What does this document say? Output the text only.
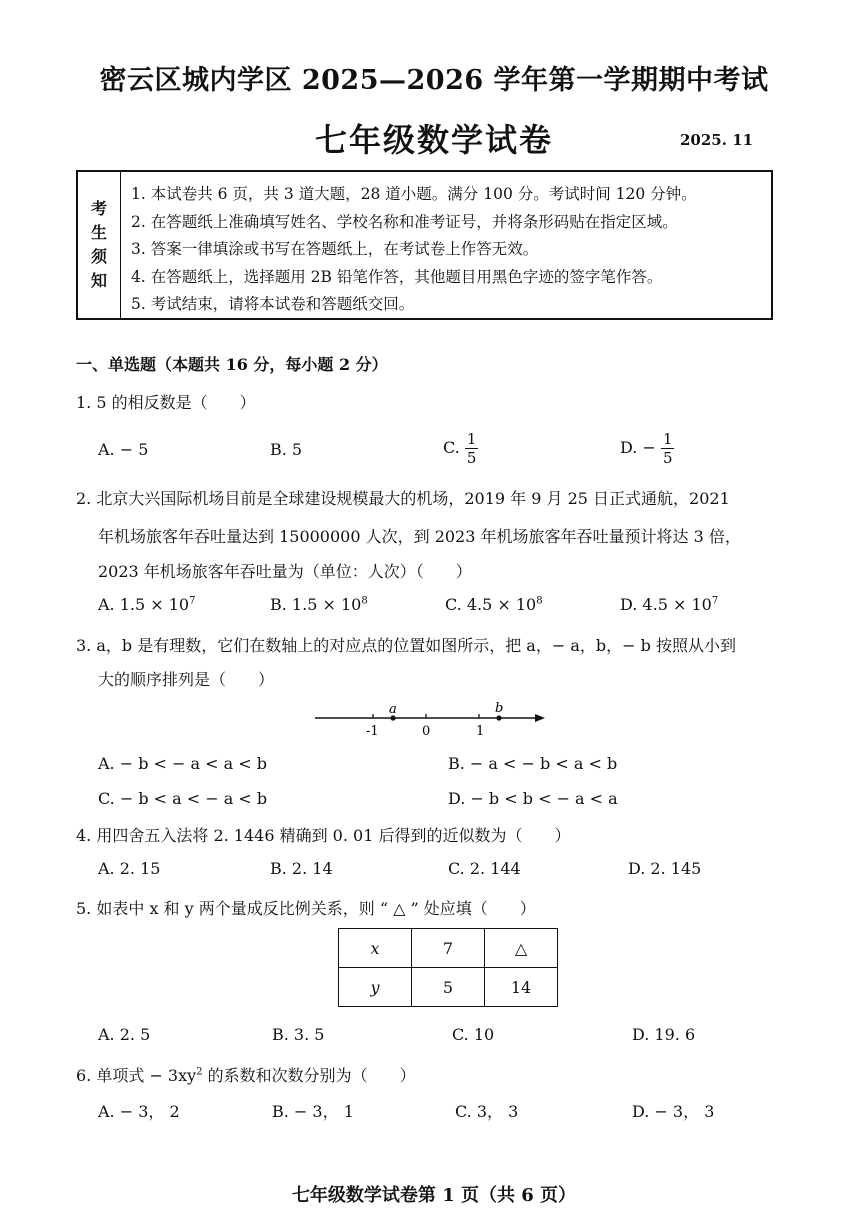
密云区城内学区 2025—2026 学年第一学期期中考试
七年级数学试卷	2025. 11
考
生
须
知
1. 本试卷共 6 页，共 3 道大题，28 道小题。满分 100 分。考试时间 120 分钟。
2. 在答题纸上准确填写姓名、学校名称和准考证号，并将条形码贴在指定区域。
3. 答案一律填涂或书写在答题纸上，在考试卷上作答无效。
4. 在答题纸上，选择题用 2B 铅笔作答，其他题目用黑色字迹的签字笔作答。
5. 考试结束，请将本试卷和答题纸交回。
一、单选题（本题共 16 分，每小题 2 分）
1. 5 的相反数是（　　）
A. − 5	B. 5	C. $\frac{1}{5}$	D. − $\frac{1}{5}$
2. 北京大兴国际机场目前是全球建设规模最大的机场，2019 年 9 月 25 日正式通航，2021
年机场旅客年吞吐量达到 15000000 人次，到 2023 年机场旅客年吞吐量预计将达 3 倍，
2023 年机场旅客年吞吐量为（单位：人次）（　　）
A. $1.5 \times 10^7$	B. $1.5 \times 10^8$	C. $4.5 \times 10^8$	D. $4.5 \times 10^7$
3. a，b 是有理数，它们在数轴上的对应点的位置如图所示，把 a，− a，b，− b 按照从小到
大的顺序排列是（　　）
a	b
-1	0	1
A. − b < − a < a < b	B. − a < − b < a < b
C. − b < a < − a < b	D. − b < b < − a < a
4. 用四舍五入法将 2. 1446 精确到 0. 01 后得到的近似数为（　　）
A. 2. 15	B. 2. 14	C. 2. 144	D. 2. 145
5. 如表中 x 和 y 两个量成反比例关系，则 “ △ ” 处应填（　　）
x	7	△
y	5	14
A. 2. 5	B. 3. 5	C. 10	D. 19. 6
6. 单项式 − $3xy^2$ 的系数和次数分别为（　　）
A. − 3， 2	B. − 3， 1	C. 3， 3	D. − 3， 3
七年级数学试卷第 1 页（共 6 页）
